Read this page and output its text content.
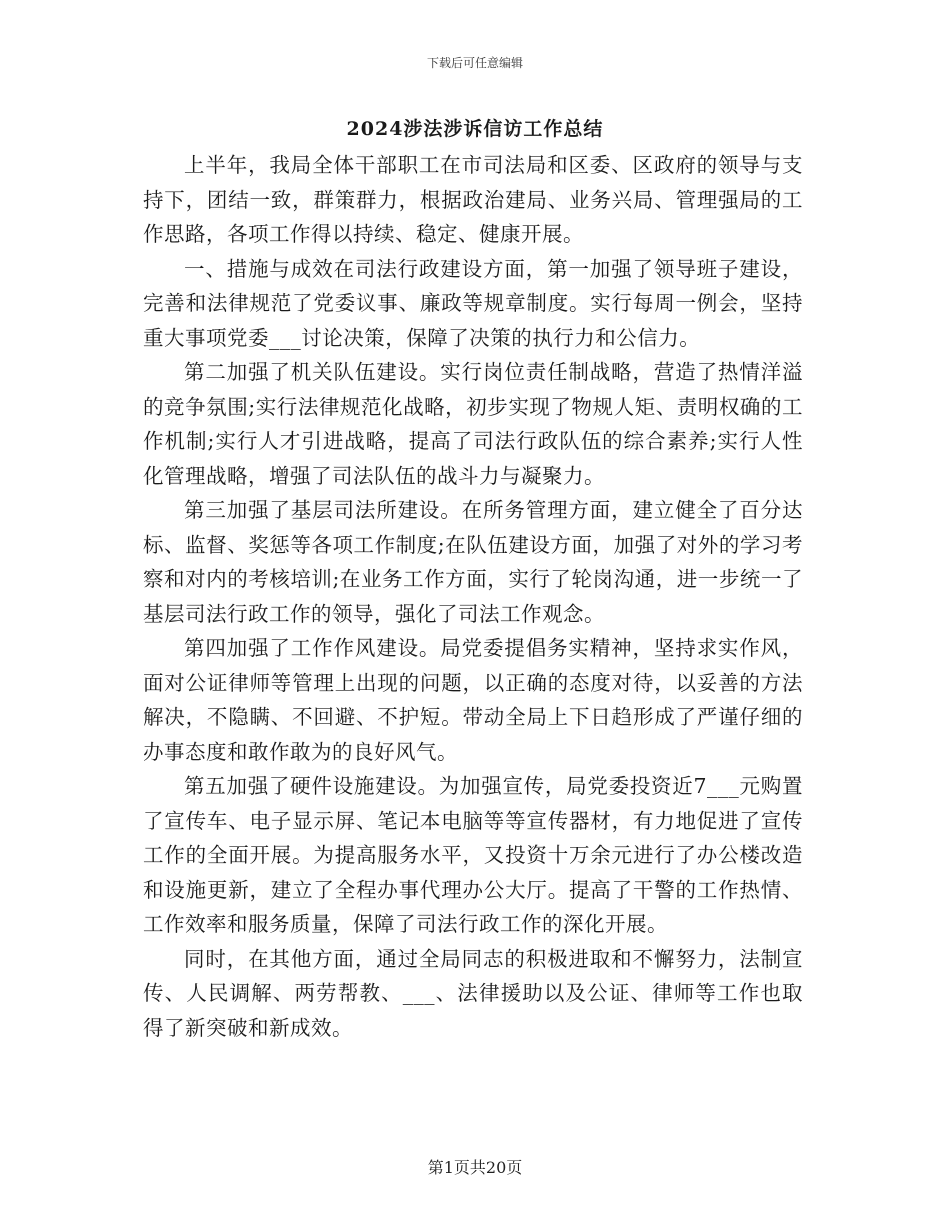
下载后可任意编辑
2024涉法涉诉信访工作总结

上半年，我局全体干部职工在市司法局和区委、区政府的领导与支持下，团结一致，群策群力，根据政治建局、业务兴局、管理强局的工作思路，各项工作得以持续、稳定、健康开展。

一、措施与成效在司法行政建设方面，第一加强了领导班子建设，完善和法律规范了党委议事、廉政等规章制度。实行每周一例会，坚持重大事项党委___讨论决策，保障了决策的执行力和公信力。

第二加强了机关队伍建设。实行岗位责任制战略，营造了热情洋溢的竞争氛围;实行法律规范化战略，初步实现了物规人矩、责明权确的工作机制;实行人才引进战略，提高了司法行政队伍的综合素养;实行人性化管理战略，增强了司法队伍的战斗力与凝聚力。

第三加强了基层司法所建设。在所务管理方面，建立健全了百分达标、监督、奖惩等各项工作制度;在队伍建设方面，加强了对外的学习考察和对内的考核培训;在业务工作方面，实行了轮岗沟通，进一步统一了基层司法行政工作的领导，强化了司法工作观念。

第四加强了工作作风建设。局党委提倡务实精神，坚持求实作风，面对公证律师等管理上出现的问题，以正确的态度对待，以妥善的方法解决，不隐瞒、不回避、不护短。带动全局上下日趋形成了严谨仔细的办事态度和敢作敢为的良好风气。

第五加强了硬件设施建设。为加强宣传，局党委投资近7___元购置了宣传车、电子显示屏、笔记本电脑等等宣传器材，有力地促进了宣传工作的全面开展。为提高服务水平，又投资十万余元进行了办公楼改造和设施更新，建立了全程办事代理办公大厅。提高了干警的工作热情、工作效率和服务质量，保障了司法行政工作的深化开展。

同时，在其他方面，通过全局同志的积极进取和不懈努力，法制宣传、人民调解、两劳帮教、___、法律援助以及公证、律师等工作也取得了新突破和新成效。

第1页共20页
